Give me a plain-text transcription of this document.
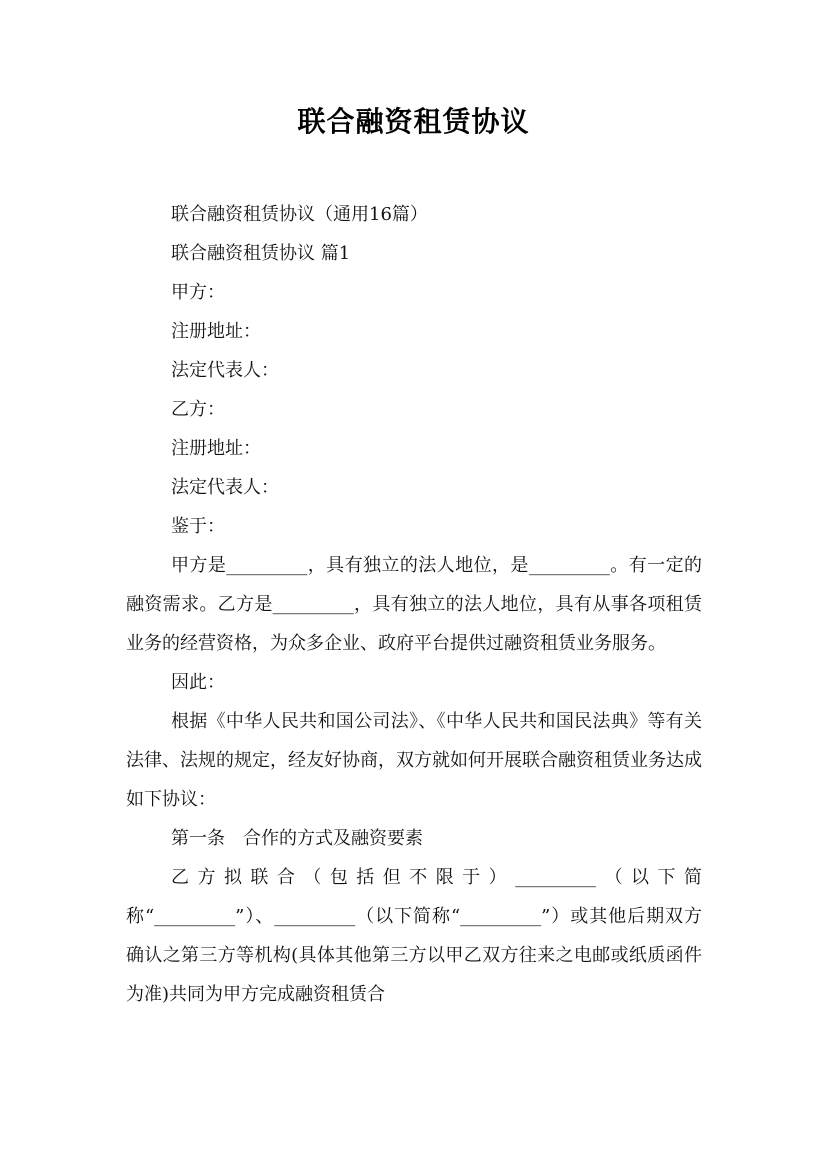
联合融资租赁协议

联合融资租赁协议（通用16篇）

联合融资租赁协议 篇1

甲方：

注册地址：

法定代表人：

乙方：

注册地址：

法定代表人：

鉴于：

甲方是_________，具有独立的法人地位，是_________。有一定的融资需求。乙方是_________，具有独立的法人地位，具有从事各项租赁业务的经营资格，为众多企业、政府平台提供过融资租赁业务服务。

因此：

根据《中华人民共和国公司法》、《中华人民共和国民法典》等有关法律、法规的规定，经友好协商，双方就如何开展联合融资租赁业务达成如下协议：

第一条　合作的方式及融资要素

乙方拟联合（包括但不限于）_________（以下简称“_________”）、_________（以下简称“_________”）或其他后期双方确认之第三方等机构(具体其他第三方以甲乙双方往来之电邮或纸质函件为准)共同为甲方完成融资租赁合
